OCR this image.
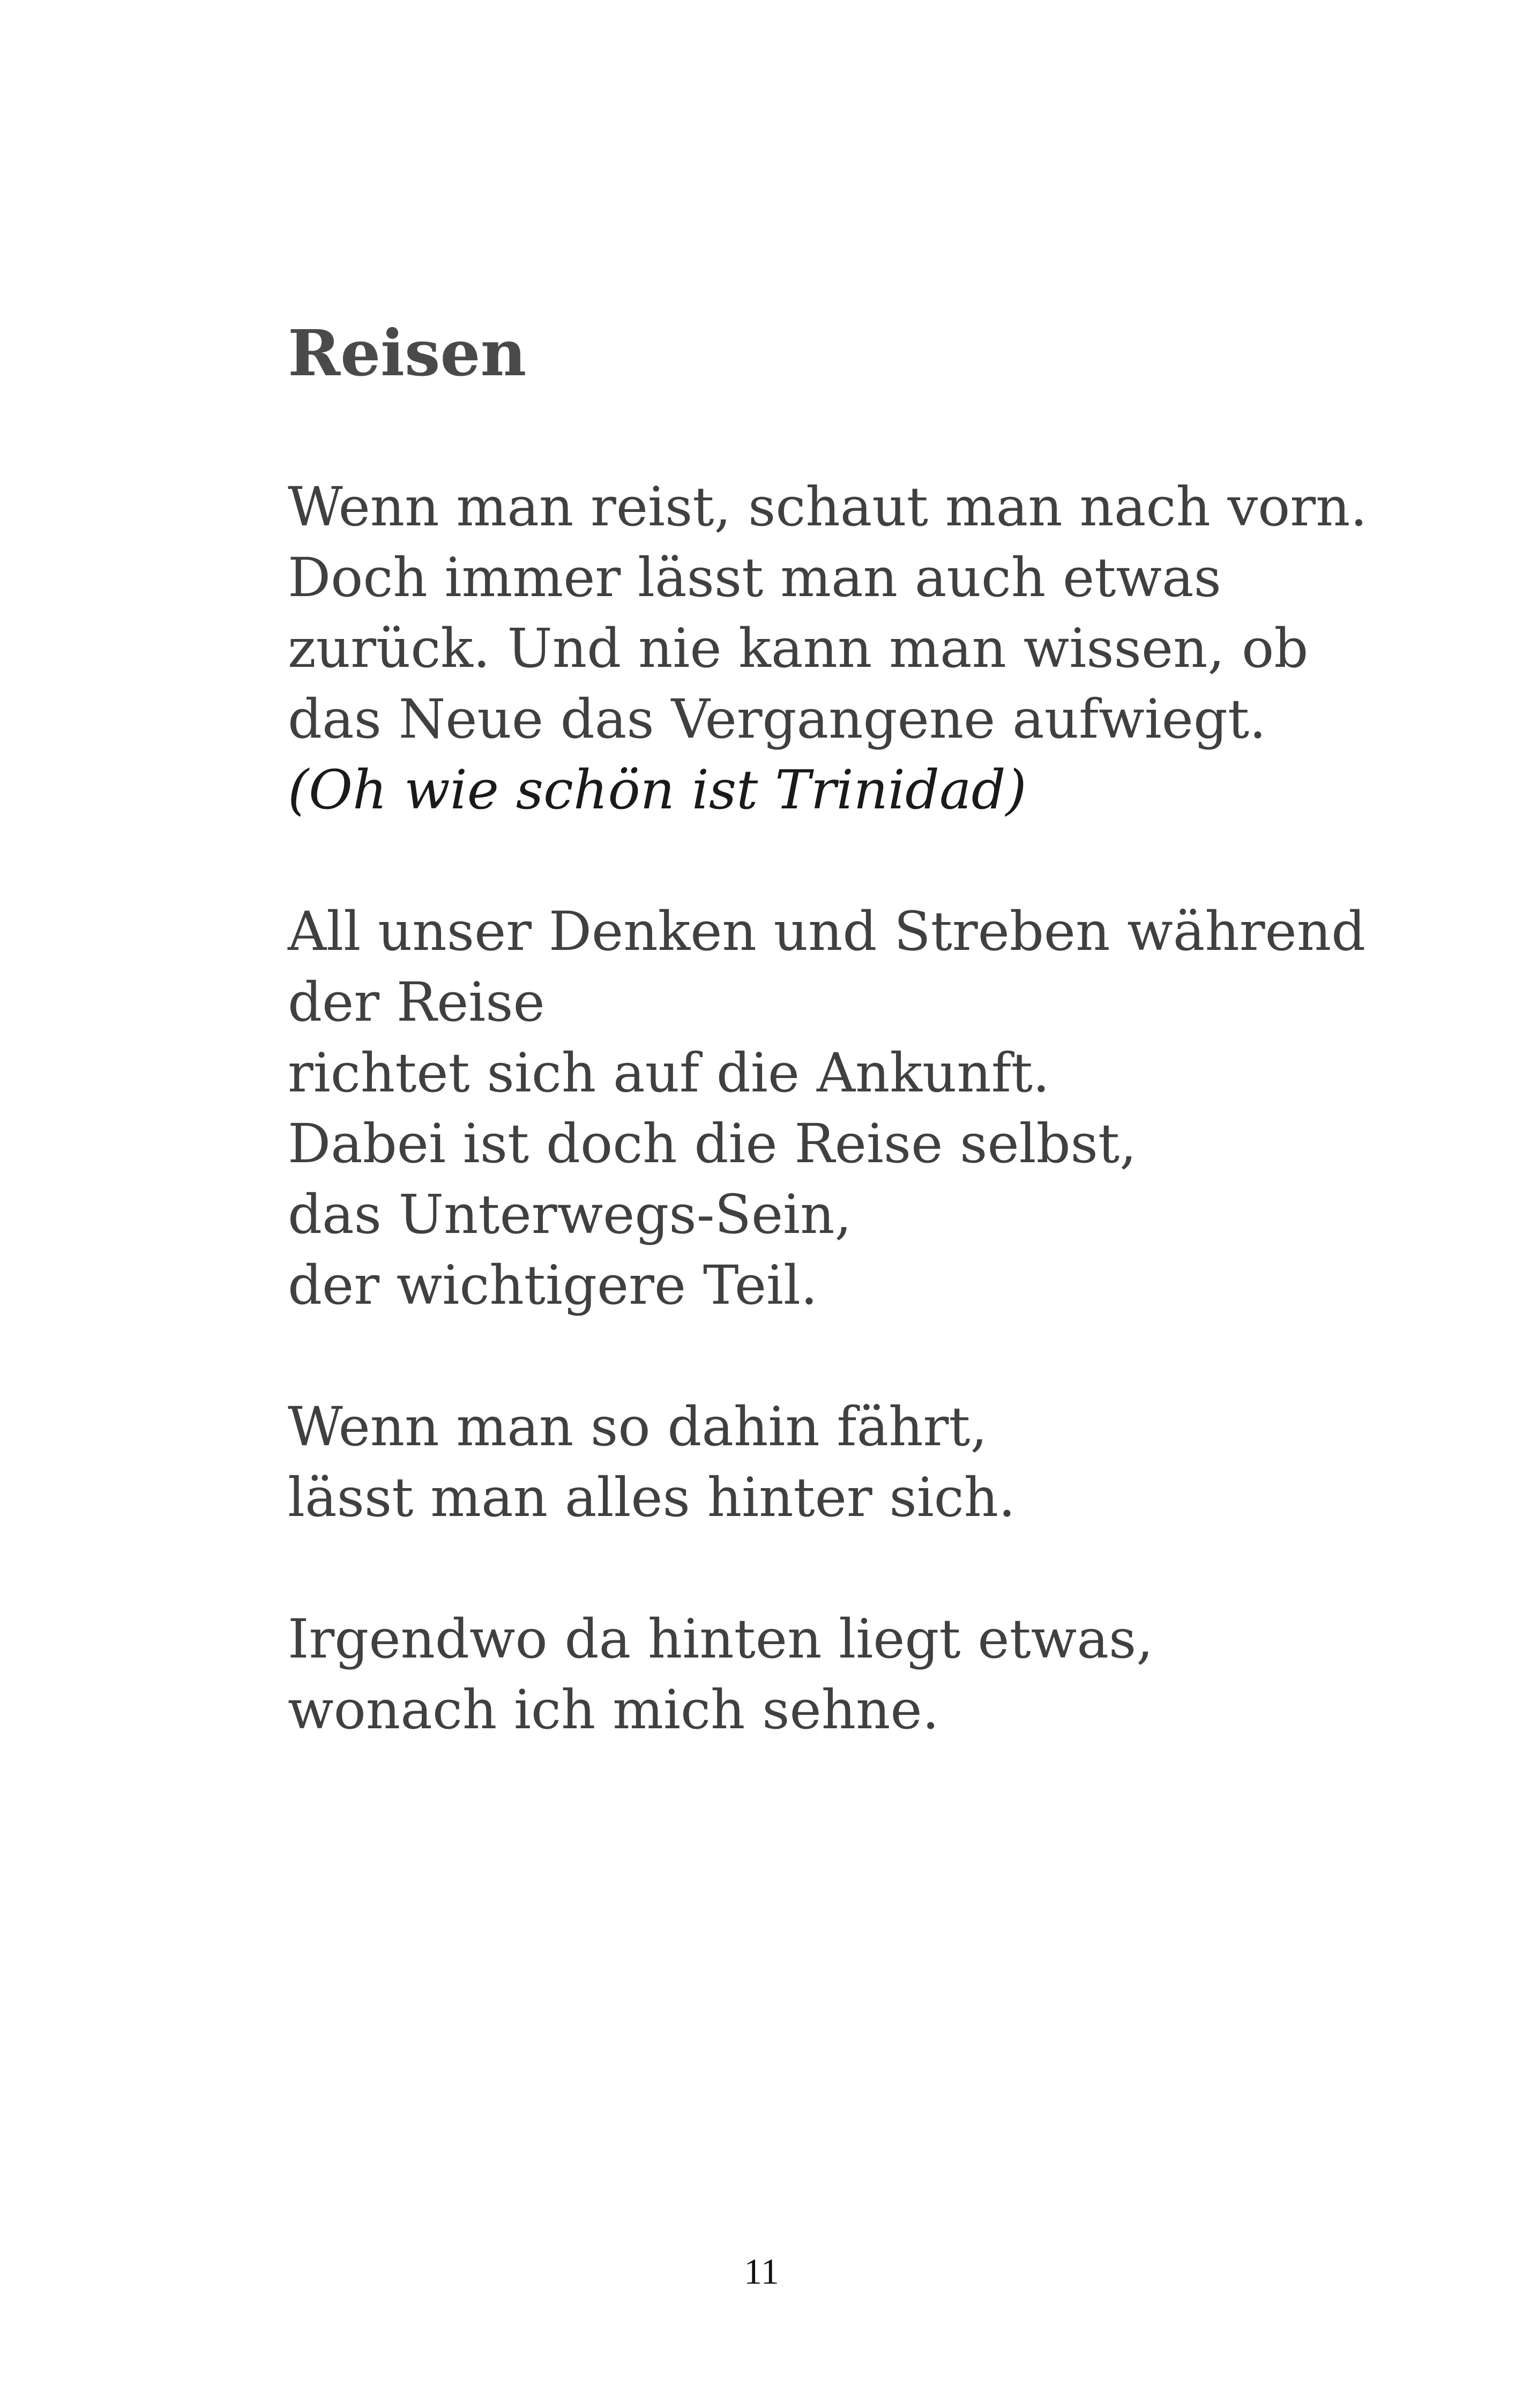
Reisen
Wenn man reist, schaut man nach vorn.
Doch immer lässt man auch etwas
zurück. Und nie kann man wissen, ob
das Neue das Vergangene aufwiegt.
(Oh wie schön ist Trinidad)
All unser Denken und Streben während
der Reise
richtet sich auf die Ankunft.
Dabei ist doch die Reise selbst,
das Unterwegs-Sein,
der wichtigere Teil.
Wenn man so dahin fährt,
lässt man alles hinter sich.
Irgendwo da hinten liegt etwas,
wonach ich mich sehne.
11
